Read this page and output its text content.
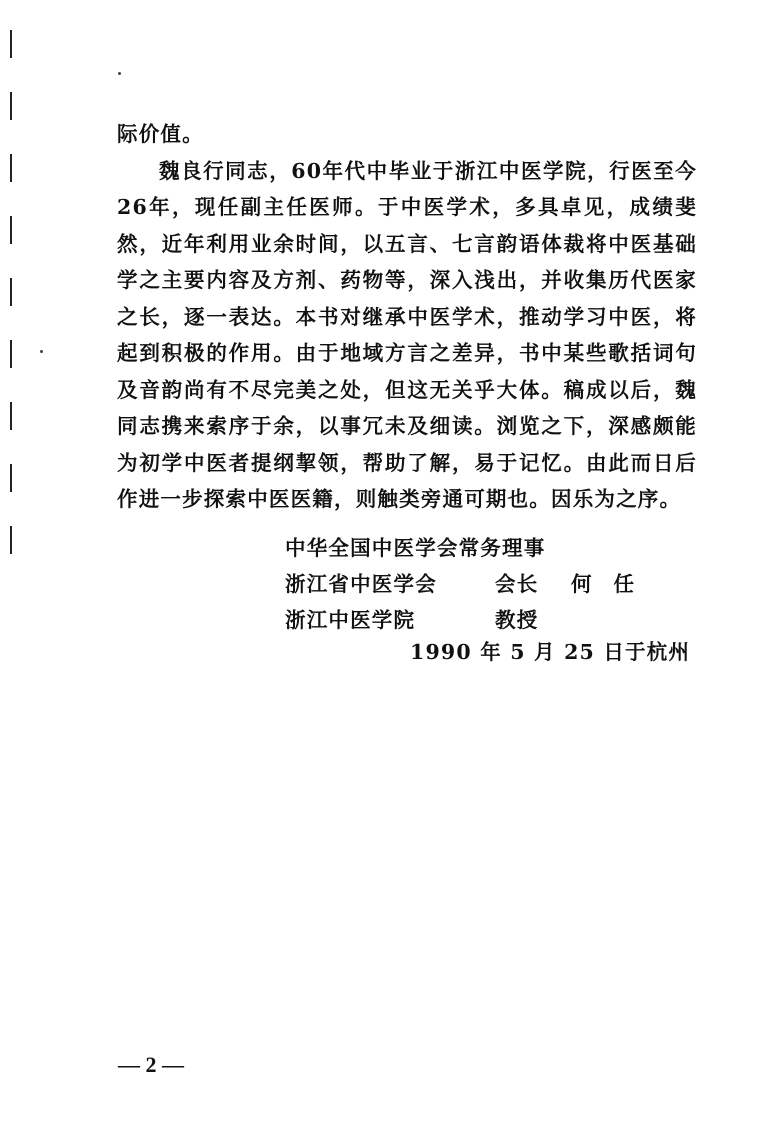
际价值。

魏良行同志，60年代中毕业于浙江中医学院，行医至今26年，现任副主任医师。于中医学术，多具卓见，成绩斐然，近年利用业余时间，以五言、七言韵语体裁将中医基础学之主要内容及方剂、药物等，深入浅出，并收集历代医家之长，逐一表达。本书对继承中医学术，推动学习中医，将起到积极的作用。由于地域方言之差异，书中某些歌括词句及音韵尚有不尽完美之处，但这无关乎大体。稿成以后，魏同志携来索序于余，以事冗未及细读。浏览之下，深感颇能为初学中医者提纲挈领，帮助了解，易于记忆。由此而日后作进一步探索中医医籍，则触类旁通可期也。因乐为之序。

中华全国中医学会常务理事
浙江省中医学会	会长	何任
浙江中医学院	教授
1990 年 5 月 25 日于杭州
— 2 —
